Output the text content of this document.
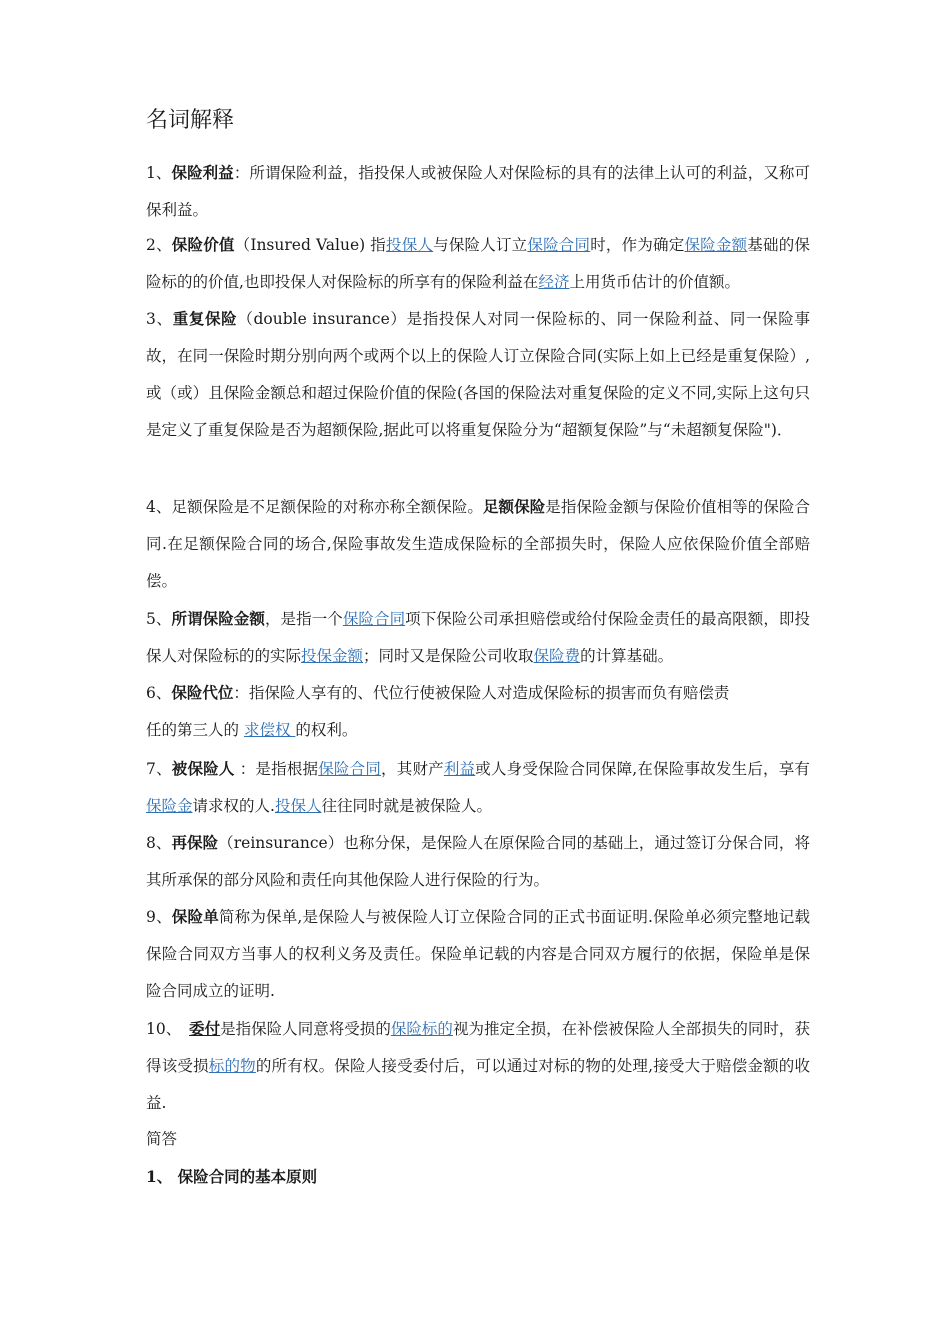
名词解释
1、保险利益：所谓保险利益，指投保人或被保险人对保险标的具有的法律上认可的利益，又称可保利益。
2、保险价值（Insured Value) 指投保人与保险人订立保险合同时，作为确定保险金额基础的保险标的的价值,也即投保人对保险标的所享有的保险利益在经济上用货币估计的价值额。
3、重复保险（double insurance）是指投保人对同一保险标的、同一保险利益、同一保险事故，在同一保险时期分别向两个或两个以上的保险人订立保险合同(实际上如上已经是重复保险）,或（或）且保险金额总和超过保险价值的保险(各国的保险法对重复保险的定义不同,实际上这句只是定义了重复保险是否为超额保险,据此可以将重复保险分为“超额复保险”与“未超额复保险")．
4、足额保险是不足额保险的对称亦称全额保险。足额保险是指保险金额与保险价值相等的保险合同.在足额保险合同的场合,保险事故发生造成保险标的全部损失时，保险人应依保险价值全部赔偿。
5、所谓保险金额，是指一个保险合同项下保险公司承担赔偿或给付保险金责任的最高限额，即投保人对保险标的的实际投保金额；同时又是保险公司收取保险费的计算基础。
6、保险代位：指保险人享有的、代位行使被保险人对造成保险标的损害而负有赔偿责
任的第三人的 求偿权 的权利。
7、被保险人 ：是指根据保险合同，其财产利益或人身受保险合同保障,在保险事故发生后，享有保险金请求权的人.投保人往往同时就是被保险人。
8、再保险（reinsurance）也称分保，是保险人在原保险合同的基础上，通过签订分保合同，将其所承保的部分风险和责任向其他保险人进行保险的行为。
9、保险单简称为保单,是保险人与被保险人订立保险合同的正式书面证明.保险单必须完整地记载保险合同双方当事人的权利义务及责任。保险单记载的内容是合同双方履行的依据，保险单是保险合同成立的证明.
10、　委付是指保险人同意将受损的保险标的视为推定全损，在补偿被保险人全部损失的同时，获得该受损标的物的所有权。保险人接受委付后，可以通过对标的物的处理,接受大于赔偿金额的收益.
简答
1、 保险合同的基本原则
